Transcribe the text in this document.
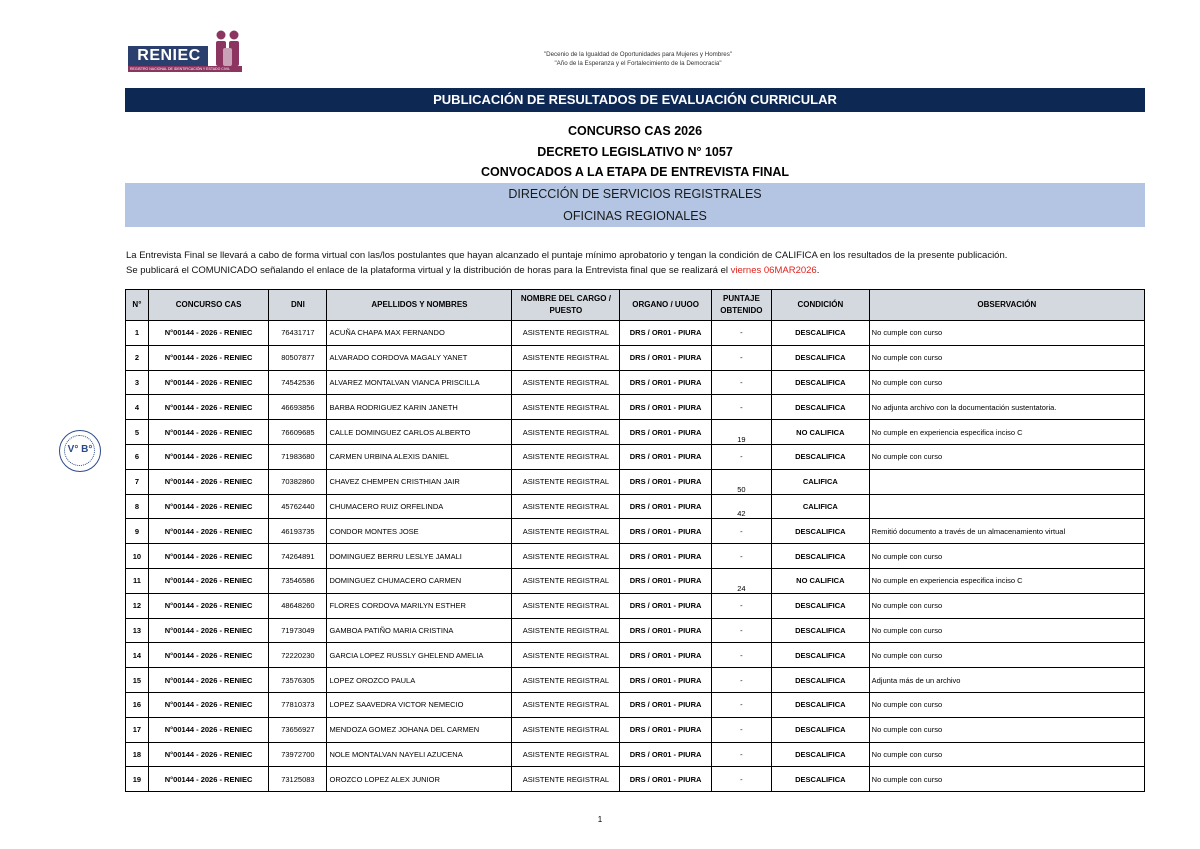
RENIEC
REGISTRO NACIONAL DE IDENTIFICACIÓN Y ESTADO CIVIL
"Decenio de la Igualdad de Oportunidades para Mujeres y Hombres"
"Año de la Esperanza y el Fortalecimiento de la Democracia"
PUBLICACIÓN DE RESULTADOS DE EVALUACIÓN CURRICULAR
CONCURSO CAS 2026
DECRETO LEGISLATIVO N° 1057
CONVOCADOS A LA ETAPA DE ENTREVISTA FINAL
DIRECCIÓN DE SERVICIOS REGISTRALES
OFICINAS REGIONALES
La Entrevista Final se llevará a cabo de forma virtual con las/los postulantes que hayan alcanzado el puntaje mínimo aprobatorio y tengan la condición de CALIFICA en los resultados de la presente publicación.
Se publicará el COMUNICADO señalando el enlace de la plataforma virtual y la distribución de horas para la Entrevista final que se realizará el viernes 06MAR2026.
V° B°
N°	CONCURSO CAS	DNI	APELLIDOS Y NOMBRES	NOMBRE DEL CARGO / PUESTO	ORGANO / UUOO	PUNTAJE OBTENIDO	CONDICIÓN	OBSERVACIÓN
1	N°00144 - 2026 - RENIEC	76431717	ACUÑA CHAPA MAX FERNANDO	ASISTENTE REGISTRAL	DRS / OR01 - PIURA	-	DESCALIFICA	No cumple con curso
2	N°00144 - 2026 - RENIEC	80507877	ALVARADO CORDOVA MAGALY YANET	ASISTENTE REGISTRAL	DRS / OR01 - PIURA	-	DESCALIFICA	No cumple con curso
3	N°00144 - 2026 - RENIEC	74542536	ALVAREZ MONTALVAN VIANCA PRISCILLA	ASISTENTE REGISTRAL	DRS / OR01 - PIURA	-	DESCALIFICA	No cumple con curso
4	N°00144 - 2026 - RENIEC	46693856	BARBA RODRIGUEZ KARIN JANETH	ASISTENTE REGISTRAL	DRS / OR01 - PIURA	-	DESCALIFICA	No adjunta archivo con la documentación sustentatoria.
5	N°00144 - 2026 - RENIEC	76609685	CALLE DOMINGUEZ CARLOS ALBERTO	ASISTENTE REGISTRAL	DRS / OR01 - PIURA	19	NO CALIFICA	No cumple en experiencia especifica inciso C
6	N°00144 - 2026 - RENIEC	71983680	CARMEN URBINA ALEXIS DANIEL	ASISTENTE REGISTRAL	DRS / OR01 - PIURA	-	DESCALIFICA	No cumple con curso
7	N°00144 - 2026 - RENIEC	70382860	CHAVEZ CHEMPEN CRISTHIAN JAIR	ASISTENTE REGISTRAL	DRS / OR01 - PIURA	50	CALIFICA	
8	N°00144 - 2026 - RENIEC	45762440	CHUMACERO RUIZ ORFELINDA	ASISTENTE REGISTRAL	DRS / OR01 - PIURA	42	CALIFICA	
9	N°00144 - 2026 - RENIEC	46193735	CONDOR MONTES JOSE	ASISTENTE REGISTRAL	DRS / OR01 - PIURA	-	DESCALIFICA	Remitió documento a través de un almacenamiento virtual
10	N°00144 - 2026 - RENIEC	74264891	DOMINGUEZ BERRU LESLYE JAMALI	ASISTENTE REGISTRAL	DRS / OR01 - PIURA	-	DESCALIFICA	No cumple con curso
11	N°00144 - 2026 - RENIEC	73546586	DOMINGUEZ CHUMACERO CARMEN	ASISTENTE REGISTRAL	DRS / OR01 - PIURA	24	NO CALIFICA	No cumple en experiencia especifica inciso C
12	N°00144 - 2026 - RENIEC	48648260	FLORES CORDOVA MARILYN ESTHER	ASISTENTE REGISTRAL	DRS / OR01 - PIURA	-	DESCALIFICA	No cumple con curso
13	N°00144 - 2026 - RENIEC	71973049	GAMBOA PATIÑO MARIA CRISTINA	ASISTENTE REGISTRAL	DRS / OR01 - PIURA	-	DESCALIFICA	No cumple con curso
14	N°00144 - 2026 - RENIEC	72220230	GARCIA LOPEZ RUSSLY GHELEND AMELIA	ASISTENTE REGISTRAL	DRS / OR01 - PIURA	-	DESCALIFICA	No cumple con curso
15	N°00144 - 2026 - RENIEC	73576305	LOPEZ OROZCO PAULA	ASISTENTE REGISTRAL	DRS / OR01 - PIURA	-	DESCALIFICA	Adjunta más de un archivo
16	N°00144 - 2026 - RENIEC	77810373	LOPEZ SAAVEDRA VICTOR NEMECIO	ASISTENTE REGISTRAL	DRS / OR01 - PIURA	-	DESCALIFICA	No cumple con curso
17	N°00144 - 2026 - RENIEC	73656927	MENDOZA GOMEZ JOHANA DEL CARMEN	ASISTENTE REGISTRAL	DRS / OR01 - PIURA	-	DESCALIFICA	No cumple con curso
18	N°00144 - 2026 - RENIEC	73972700	NOLE MONTALVAN NAYELI AZUCENA	ASISTENTE REGISTRAL	DRS / OR01 - PIURA	-	DESCALIFICA	No cumple con curso
19	N°00144 - 2026 - RENIEC	73125083	OROZCO LOPEZ ALEX JUNIOR	ASISTENTE REGISTRAL	DRS / OR01 - PIURA	-	DESCALIFICA	No cumple con curso
1
